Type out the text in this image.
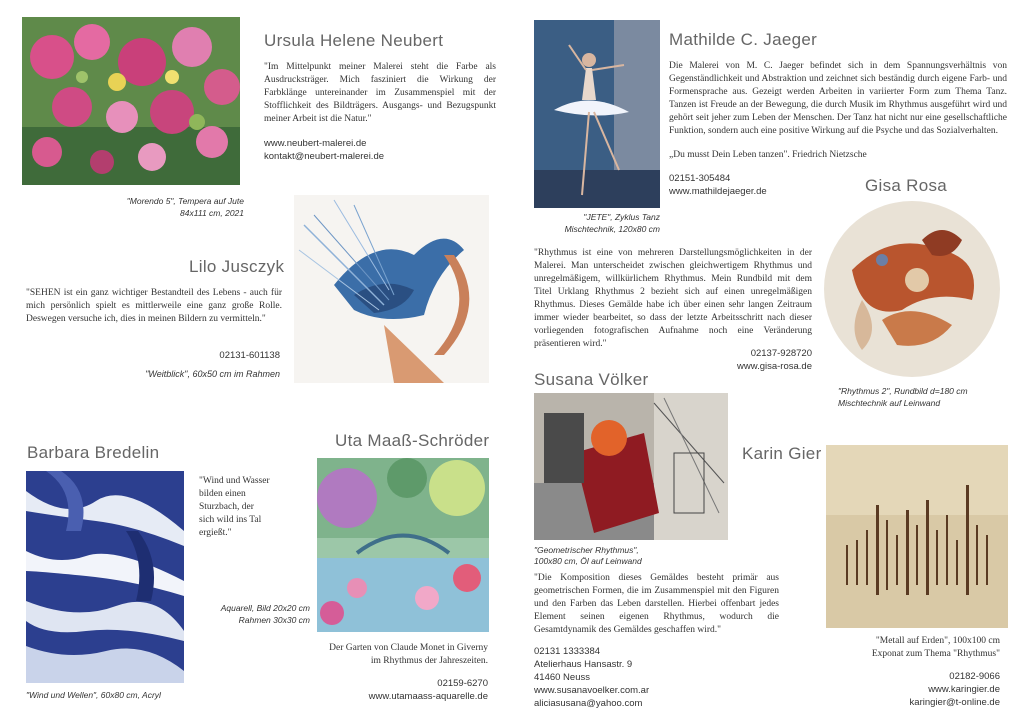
Ursula Helene Neubert
"Im Mittelpunkt meiner Malerei steht die Farbe als Ausdrucksträger. Mich fasziniert die Wirkung der Farbklänge untereinander im Zusammenspiel mit der Stofflichkeit des Bildträgers. Ausgangs- und Bezugspunkt meiner Arbeit ist die Natur."
www.neubert-malerei.de
kontakt@neubert-malerei.de
"Morendo 5", Tempera auf Jute
84x111 cm, 2021
Lilo Jusczyk
"SEHEN ist ein ganz wichtiger Bestandteil des Lebens - auch für mich persönlich spielt es mittlerweile eine ganz große Rolle. Deswegen versuche ich, dies in meinen Bildern zu vermitteln."
02131-601138
"Weitblick", 60x50 cm im Rahmen
Barbara Bredelin
"Wind und Wasser
bilden einen
Sturzbach, der
sich wild ins Tal
ergießt."
"Wind und Wellen", 60x80 cm, Acryl
Uta Maaß-Schröder
Aquarell, Bild 20x20 cm
Rahmen 30x30 cm
Der Garten von Claude Monet in Giverny
im Rhythmus der Jahreszeiten.
02159-6270
www.utamaass-aquarelle.de
Mathilde C. Jaeger
Die Malerei von M. C. Jaeger befindet sich in dem Spannungsverhältnis von Gegenständlichkeit und Abstraktion und zeichnet sich beständig durch eigene Farb- und Formensprache aus. Gezeigt werden Arbeiten in variierter Form zum Thema Tanz. Tanzen ist Freude an der Bewegung, die durch Musik im Rhythmus ausgeführt wird und gehört seit jeher zum Leben der Menschen. Der Tanz hat nicht nur eine gesellschaftliche Funktion, sondern auch eine positive Wirkung auf die Psyche und das Sozialverhalten.
„Du musst Dein Leben tanzen". Friedrich Nietzsche
02151-305484
www.mathildejaeger.de
"JETE", Zyklus Tanz
Mischtechnik, 120x80 cm
Gisa Rosa
"Rhythmus ist eine von mehreren Darstellungsmöglichkeiten in der Malerei. Man unterscheidet zwischen gleichwertigem Rhythmus und unregelmäßigem, willkürlichem Rhythmus. Mein Rundbild mit dem Titel Urklang Rhythmus 2 bezieht sich auf einen unregelmäßigen Rhythmus. Dieses Gemälde habe ich über einen sehr langen Zeitraum immer wieder bearbeitet, so dass der letzte Arbeitsschritt nach dieser vorliegenden fotografischen Aufnahme noch eine Veränderung präsentieren wird."
02137-928720
www.gisa-rosa.de
"Rhythmus 2", Rundbild d=180 cm
Mischtechnik auf Leinwand
Susana Völker
"Geometrischer Rhythmus",
100x80 cm, Öl auf Leinwand
"Die Komposition dieses Gemäldes besteht primär aus geometrischen Formen, die im Zusammenspiel mit den Figuren und den Farben das Leben darstellen. Hierbei offenbart jedes Element seinen eigenen Rhythmus, wodurch die Gesamtdynamik des Gemäldes geschaffen wird."
02131 1333384
Atelierhaus Hansastr. 9
41460 Neuss
www.susanavoelker.com.ar
aliciasusana@yahoo.com
Karin Gier
"Metall auf Erden", 100x100 cm
Exponat zum Thema "Rhythmus"
02182-9066
www.karingier.de
karingier@t-online.de
